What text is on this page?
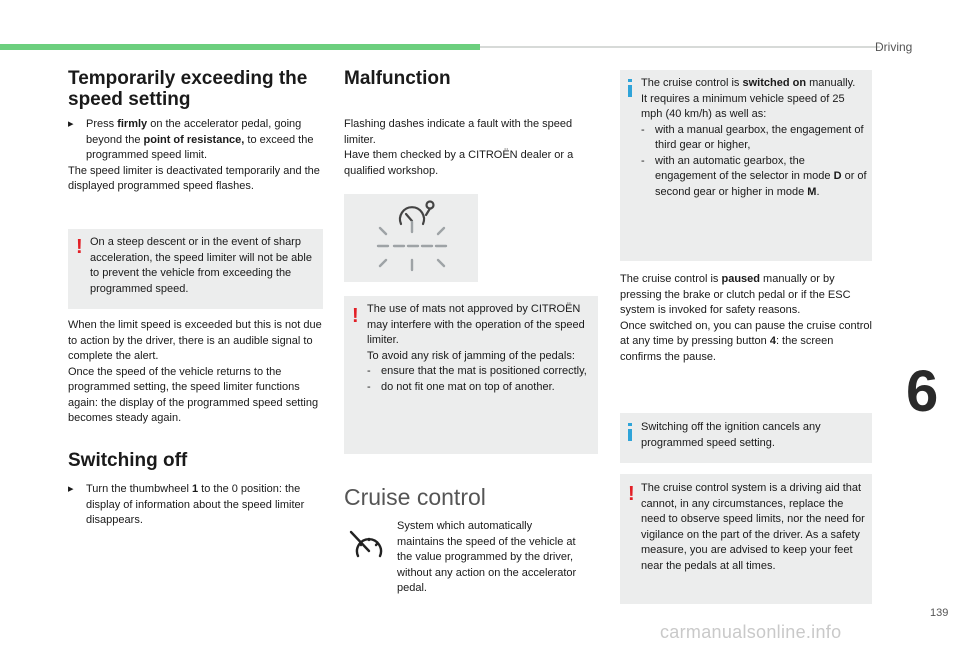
Driving
Temporarily exceeding the
speed setting

▸ Press firmly on the accelerator pedal, going beyond the point of resistance, to exceed the programmed speed limit.

The speed limiter is deactivated temporarily and the displayed programmed speed flashes.

! On a steep descent or in the event of sharp acceleration, the speed limiter will not be able to prevent the vehicle from exceeding the programmed speed.

When the limit speed is exceeded but this is not due to action by the driver, there is an audible signal to complete the alert.

Once the speed of the vehicle returns to the programmed setting, the speed limiter functions again: the display of the programmed speed setting becomes steady again.

Switching off

▸ Turn the thumbwheel 1 to the 0 position: the display of information about the speed limiter disappears.

Malfunction

Flashing dashes indicate a fault with the speed limiter.

Have them checked by a CITROËN dealer or a qualified workshop.

! The use of mats not approved by CITROËN may interfere with the operation of the speed limiter.

To avoid any risk of jamming of the pedals:

- ensure that the mat is positioned correctly,

- do not fit one mat on top of another.

Cruise control

System which automatically maintains the speed of the vehicle at the value programmed by the driver, without any action on the accelerator pedal.

The cruise control is switched on manually.

It requires a minimum vehicle speed of 25 mph (40 km/h) as well as:

- with a manual gearbox, the engagement of third gear or higher,

- with an automatic gearbox, the engagement of the selector in mode D or of second gear or higher in mode M.

The cruise control is paused manually or by pressing the brake or clutch pedal or if the ESC system is invoked for safety reasons.

Once switched on, you can pause the cruise control at any time by pressing button 4: the screen confirms the pause.

Switching off the ignition cancels any programmed speed setting.

! The cruise control system is a driving aid that cannot, in any circumstances, replace the need to observe speed limits, nor the need for vigilance on the part of the driver. As a safety measure, you are advised to keep your feet near the pedals at all times.

6
139
carmanualsonline.info
